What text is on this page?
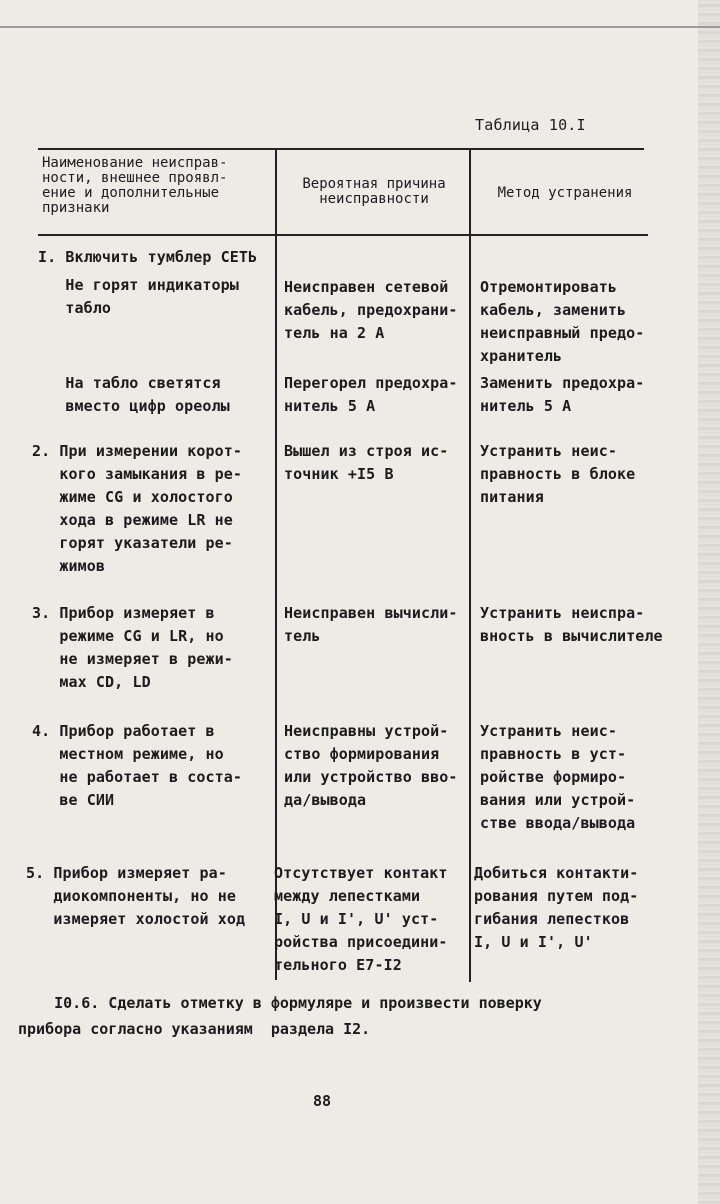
Таблица 10.I
Наименование неисправ-
ности, внешнее проявл-
ение и дополнительные
признаки
Вероятная причина
неисправности	Метод устранения
I. Включить тумблер СЕТЬ
Не горят индикаторы
табло
Неисправен сетевой
кабель, предохрани-
тель на 2 А
Отремонтировать
кабель, заменить
неисправный предо-
хранитель
На табло светятся
вместо цифр ореолы
Перегорел предохра-
нитель 5 А
Заменить предохра-
нитель 5 А
2. При измерении корот-
кого замыкания в ре-
жиме СG и холостого
хода в режиме LR не
горят указатели ре-
жимов
Вышел из строя ис-
точник +I5 В
Устранить неис-
правность в блоке
питания
3. Прибор измеряет в
режиме CG и LR, но
не измеряет в режи-
мах CD, LD
Неисправен вычисли-
тель
Устранить неиспра-
вность в вычислителе
4. Прибор работает в
местном режиме, но
не работает в соста-
ве СИИ
Неисправны устрой-
ство формирования
или устройство вво-
да/вывода
Устранить неис-
правность в уст-
ройстве формиро-
вания или устрой-
стве ввода/вывода
5. Прибор измеряет ра-
диокомпоненты, но не
измеряет холостой ход
Отсутствует контакт
между лепестками
I, U и I', U' уст-
ройства присоедини-
тельного Е7-I2
Добиться контакти-
рования путем под-
гибания лепестков
I, U и I', U'
I0.6. Сделать отметку в формуляре и произвести поверку
прибора согласно указаниям  раздела I2.
88
